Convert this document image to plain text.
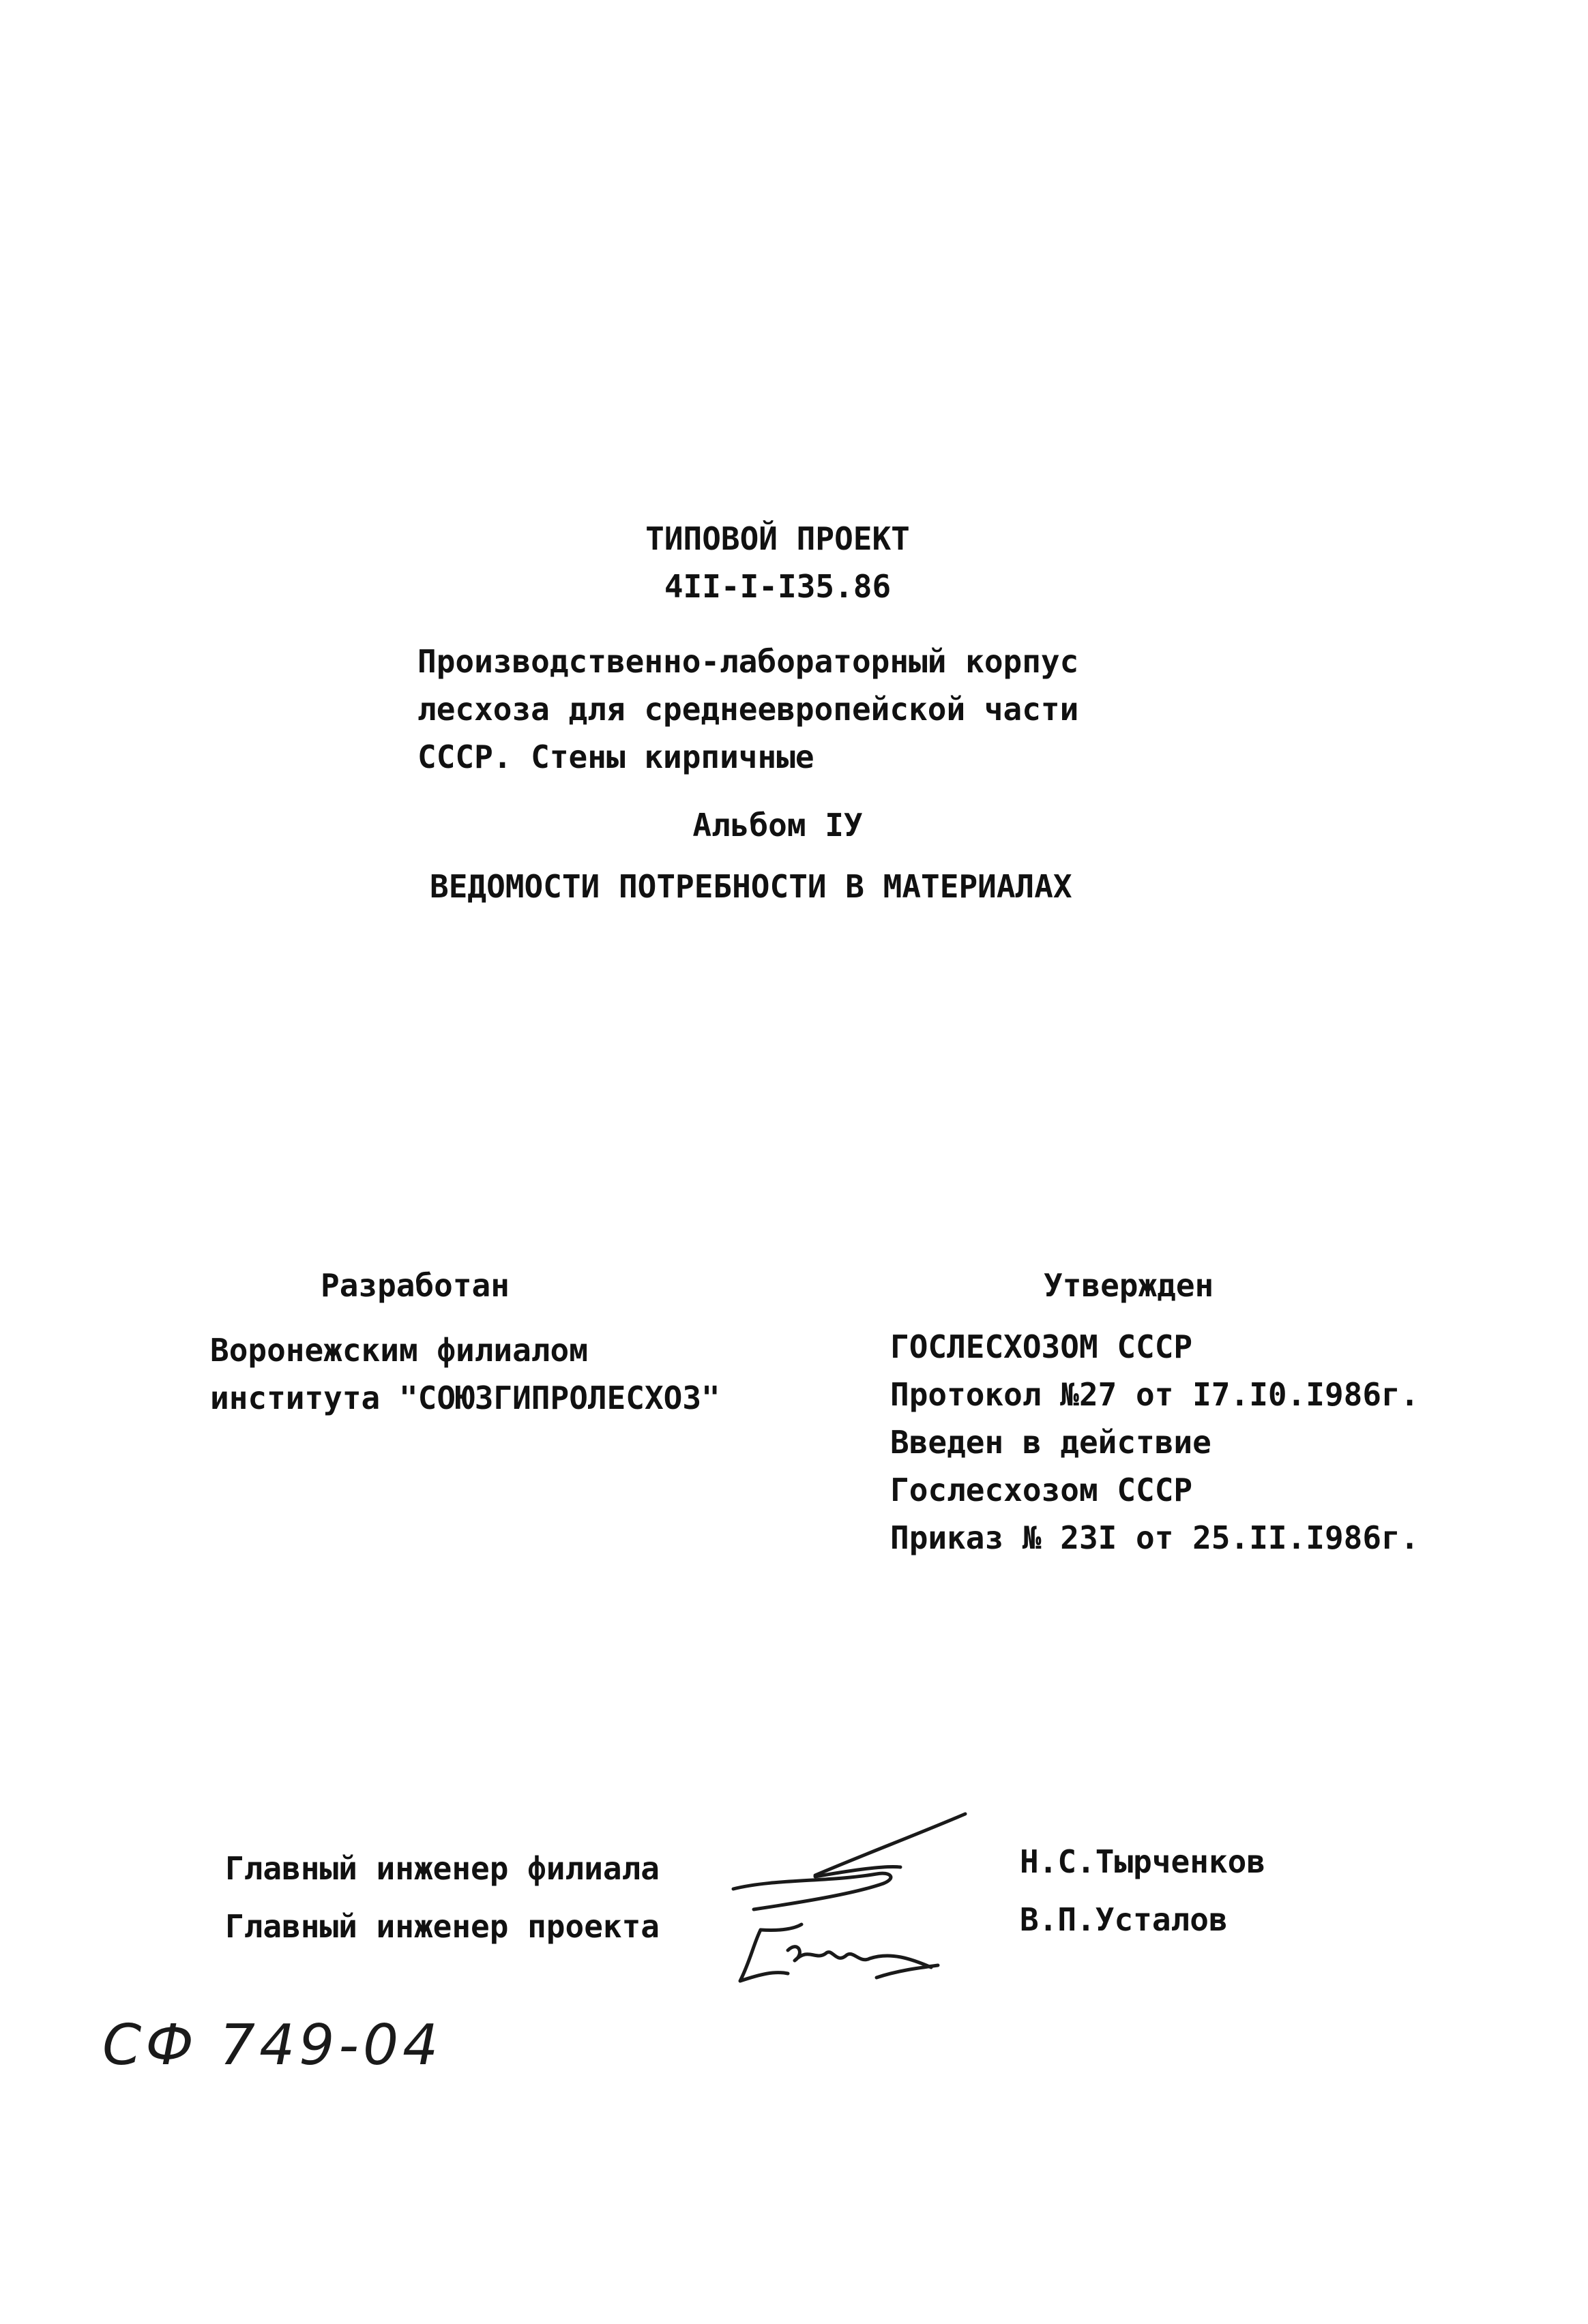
ТИПОВОЙ ПРОЕКТ
4II-I-I35.86
Производственно-лабораторный корпус
лесхоза для среднеевропейской части
СССР. Стены кирпичные
Альбом IУ
ВЕДОМОСТИ ПОТРЕБНОСТИ В МАТЕРИАЛАХ
Разработан
Воронежским филиалом
института "СОЮЗГИПРОЛЕСХОЗ"
Утвержден
ГОСЛЕСХОЗОМ СССР
Протокол №27 от I7.I0.I986г.
Введен в действие
Гослесхозом СССР
Приказ № 23I от 25.II.I986г.
Главный инженер филиала
Главный инженер проекта
Н.С.Тырченков
В.П.Усталов
СФ 749-04
